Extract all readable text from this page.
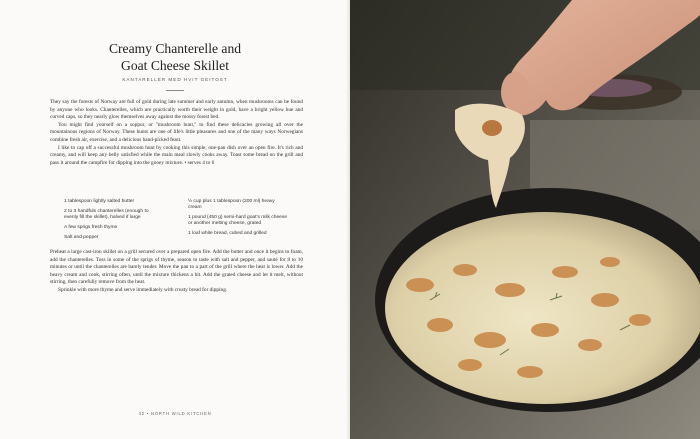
Creamy Chanterelle and
Goat Cheese Skillet
KANTARELLER MED HVIT GEITOST

They say the forests of Norway are full of gold during late summer and early autumn, when mushrooms can be found by anyone who looks. Chanterelles, which are practically worth their weight in gold, have a bright yellow hue and curved caps, so they nearly glow themselves away against the mossy forest bed.

You might find yourself on a soppur, or "mushroom hunt," to find these delicacies growing all over the mountainous regions of Norway. These hunts are one of life's little pleasures and one of the many ways Norwegians combine fresh air, exercise, and a delicious hand-picked feast.

I like to cap off a successful mushroom hunt by cooking this simple, one-pan dish over an open fire. It's rich and creamy, and will keep any belly satisfied while the main meal slowly cooks away. Toast some bread on the grill and pass it around the campfire for dipping into the gooey mixture. • serves 4 to 6

1 tablespoon lightly salted butter
2 to 3 handfuls chanterelles (enough to evenly fill the skillet), halved if large
A few sprigs fresh thyme
Salt and pepper
½ cup plus 1 tablespoon (200 ml) heavy cream
1 pound (450 g) semi-hard goat's milk cheese or another melting cheese, grated
1 loaf white bread, cubed and grilled

Preheat a large cast-iron skillet on a grill secured over a prepared open fire. Add the butter and once it begins to foam, add the chanterelles. Toss in some of the sprigs of thyme, season to taste with salt and pepper, and sauté for 8 to 10 minutes or until the chanterelles are barely tender. Move the pan to a part of the grill where the heat is lower. Add the heavy cream and cook, stirring often, until the mixture thickens a bit. Add the grated cheese and let it melt, without stirring, then carefully remove from the heat.

Sprinkle with more thyme and serve immediately with crusty bread for dipping.

32 • NORTH WILD KITCHEN
